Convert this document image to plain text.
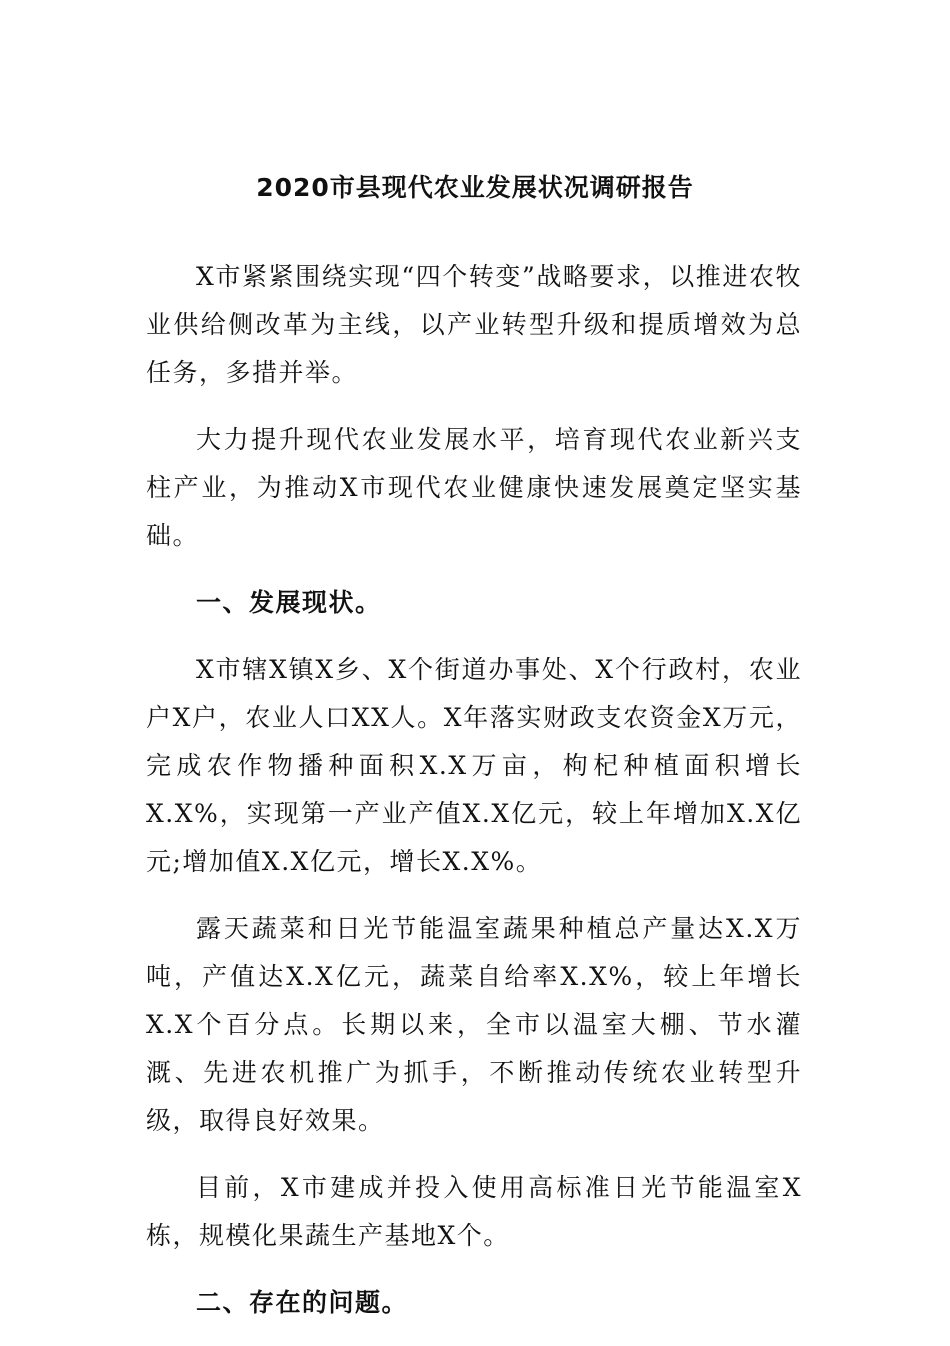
2020市县现代农业发展状况调研报告

X市紧紧围绕实现“四个转变”战略要求，以推进农牧业供给侧改革为主线，以产业转型升级和提质增效为总任务，多措并举。

大力提升现代农业发展水平，培育现代农业新兴支柱产业，为推动X市现代农业健康快速发展奠定坚实基础。

一、发展现状。

X市辖X镇X乡、X个街道办事处、X个行政村，农业户X户，农业人口XX人。X年落实财政支农资金X万元，完成农作物播种面积X.X万亩，枸杞种植面积增长X.X%，实现第一产业产值X.X亿元，较上年增加X.X亿元;增加值X.X亿元，增长X.X%。

露天蔬菜和日光节能温室蔬果种植总产量达X.X万吨，产值达X.X亿元，蔬菜自给率X.X%，较上年增长X.X个百分点。长期以来，全市以温室大棚、节水灌溉、先进农机推广为抓手，不断推动传统农业转型升级，取得良好效果。

目前，X市建成并投入使用高标准日光节能温室X栋，规模化果蔬生产基地X个。

二、存在的问题。
